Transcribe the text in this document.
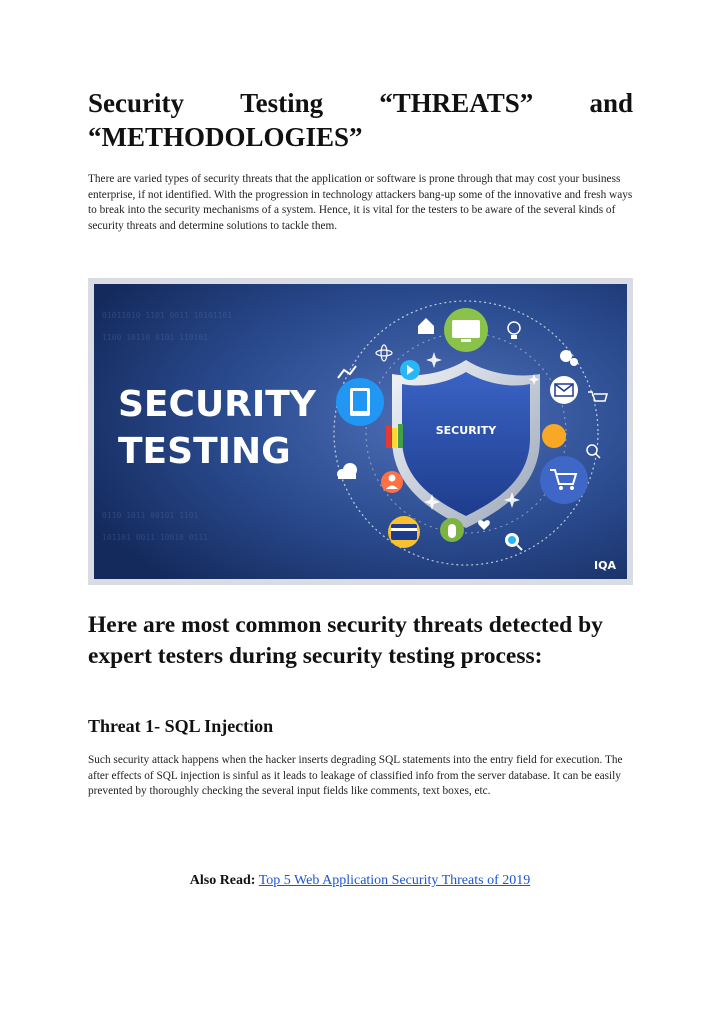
Security Testing “THREATS” and
“METHODOLOGIES”

There are varied types of security threats that the application or software is prone through that may cost your business enterprise, if not identified. With the progression in technology attackers bang-up some of the innovative and fresh ways to break into the security mechanisms of a system. Hence, it is vital for the testers to be aware of the several kinds of security threats and determine solutions to tackle them.

01011010 1101 0011 10101101
1100 10110 0101 110101
0110 1011 00101 1101
101101 0011 10010 0111
SECURITY
TESTING
SECURITY
IQA
Here are most common security threats detected by expert testers during security testing process:
Threat 1- SQL Injection

Such security attack happens when the hacker inserts degrading SQL statements into the entry field for execution. The after effects of SQL injection is sinful as it leads to leakage of classified info from the server database. It can be easily prevented by thoroughly checking the several input fields like comments, text boxes, etc.

Also Read: Top 5 Web Application Security Threats of 2019
